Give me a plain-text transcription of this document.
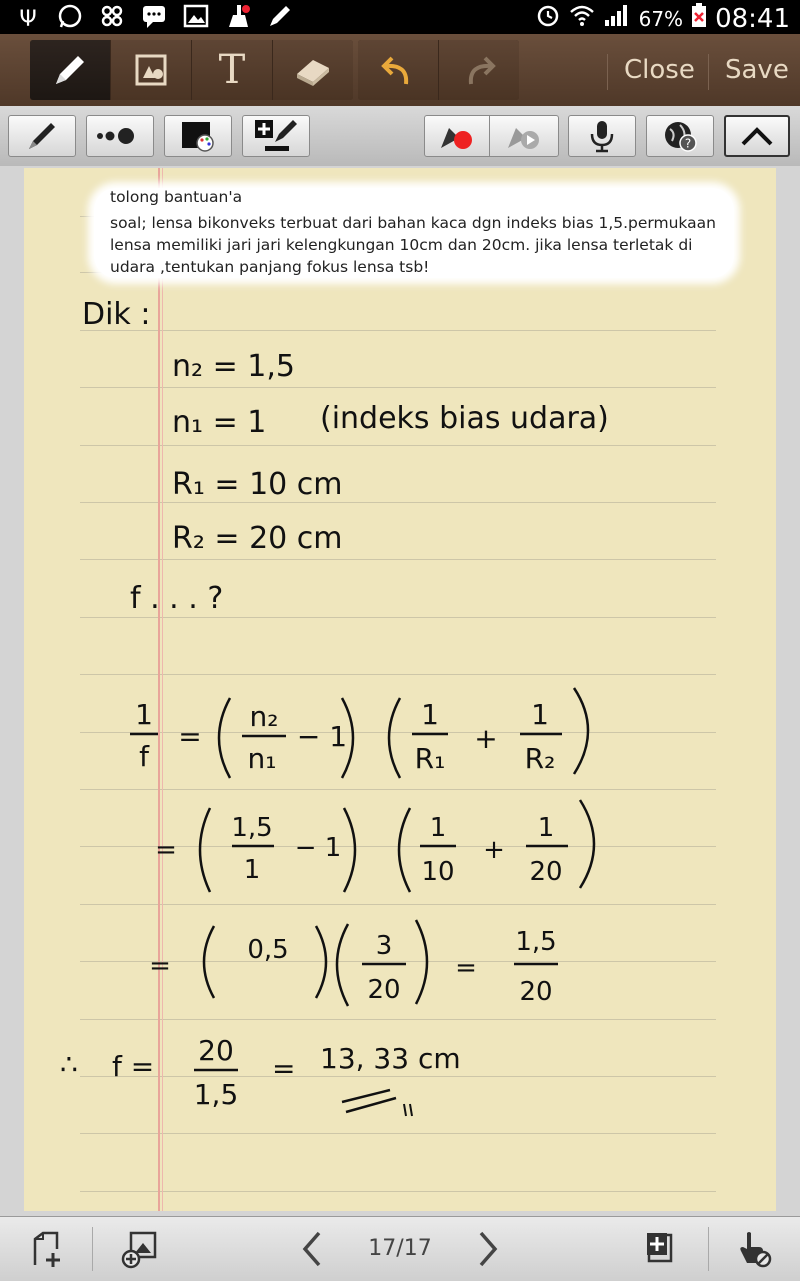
Ψ	67% 08:41
T	Close Save
?
tolong bantuan'a
soal; lensa bikonveks terbuat dari bahan kaca dgn indeks bias 1,5.permukaan
lensa memiliki jari jari kelengkungan 10cm dan 20cm. jika lensa terletak di
udara ,tentukan panjang fokus lensa tsb!
Dik :
n₂ = 1,5
n₁ = 1 (indeks bias udara)
R₁ = 10 cm
R₂ = 20 cm
f . . . ?
1
f
=
n₂
n₁
− 1
1
R₁
+
1
R₂
=
1,5
1
− 1
1
10
+
1
20
=
0,5	3
20
=
1,5
20
∴ f = 20
1,5
= 13, 33 cm
17/17
